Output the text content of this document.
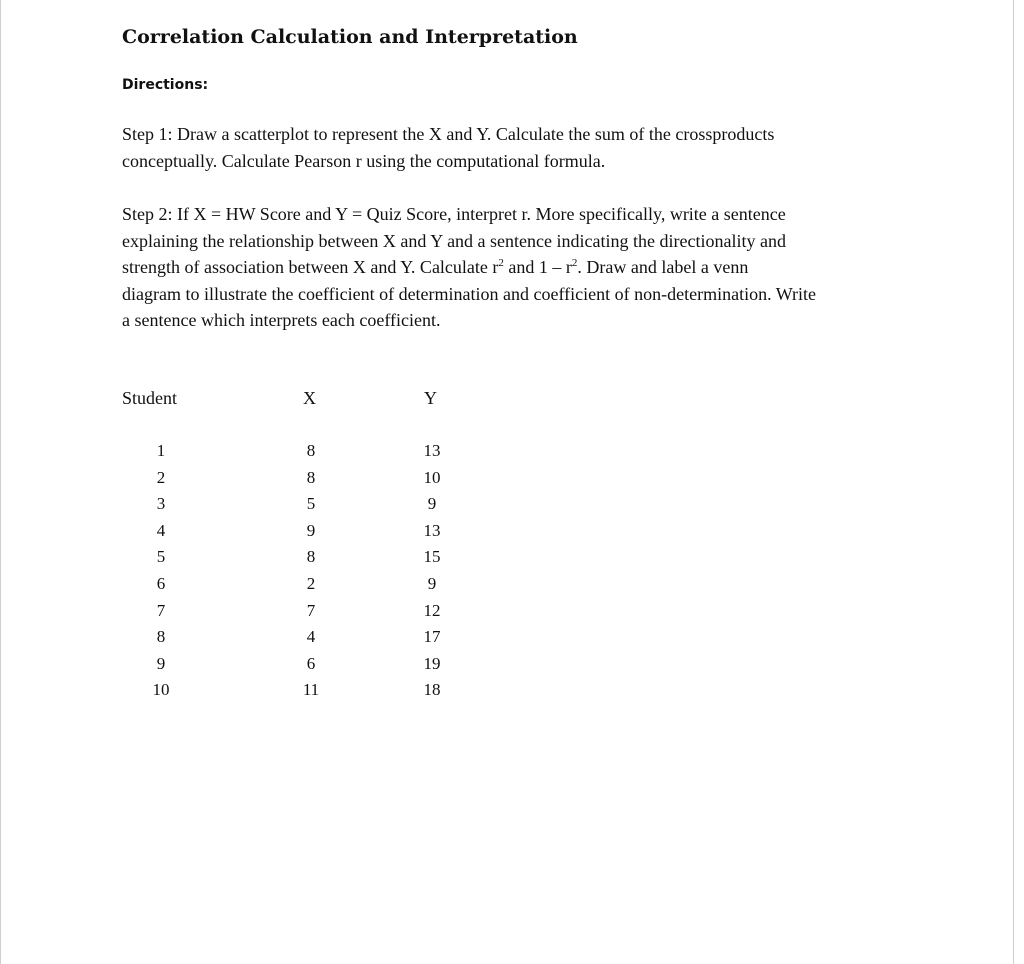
Correlation Calculation and Interpretation
Directions:
Step 1: Draw a scatterplot to represent the X and Y. Calculate the sum of the crossproducts
conceptually. Calculate Pearson r using the computational formula.
Step 2: If X = HW Score and Y = Quiz Score, interpret r. More specifically, write a sentence
explaining the relationship between X and Y and a sentence indicating the directionality and
strength of association between X and Y. Calculate $r^2$ and $1 - r^2$. Draw and label a venn
diagram to illustrate the coefficient of determination and coefficient of non-determination. Write
a sentence which interprets each coefficient.
Student	X	Y
1	8	13
2	8	10
3	5	9
4	9	13
5	8	15
6	2	9
7	7	12
8	4	17
9	6	19
10	11	18
